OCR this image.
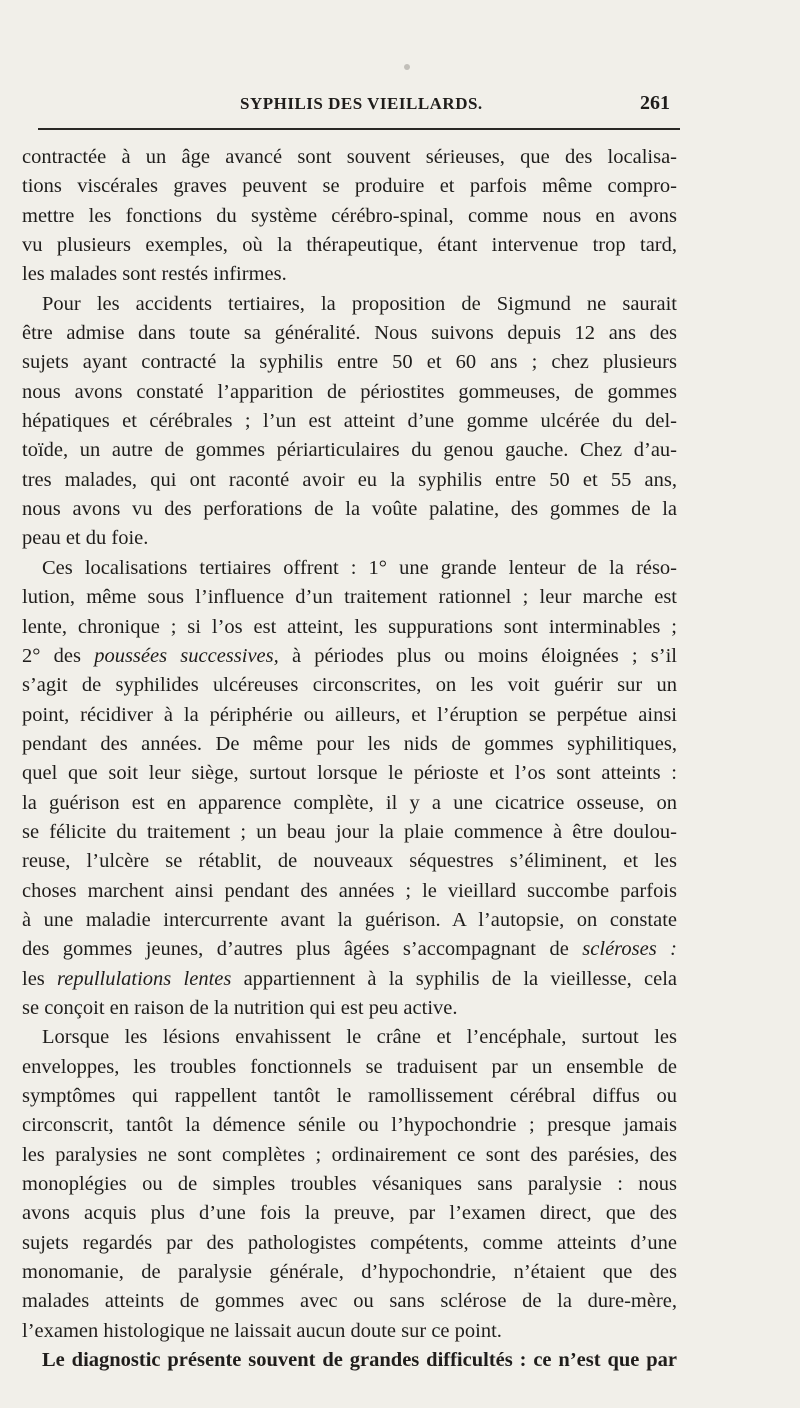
SYPHILIS DES VIEILLARDS.	261
contractée à un âge avancé sont souvent sérieuses, que des localisa-
tions viscérales graves peuvent se produire et parfois même compro-
mettre les fonctions du système cérébro-spinal, comme nous en avons
vu plusieurs exemples, où la thérapeutique, étant intervenue trop tard,
les malades sont restés infirmes.
Pour les accidents tertiaires, la proposition de Sigmund ne saurait
être admise dans toute sa généralité. Nous suivons depuis 12 ans des
sujets ayant contracté la syphilis entre 50 et 60 ans ; chez plusieurs
nous avons constaté l’apparition de périostites gommeuses, de gommes
hépatiques et cérébrales ; l’un est atteint d’une gomme ulcérée du del-
toïde, un autre de gommes périarticulaires du genou gauche. Chez d’au-
tres malades, qui ont raconté avoir eu la syphilis entre 50 et 55 ans,
nous avons vu des perforations de la voûte palatine, des gommes de la
peau et du foie.
Ces localisations tertiaires offrent : 1° une grande lenteur de la réso-
lution, même sous l’influence d’un traitement rationnel ; leur marche est
lente, chronique ; si l’os est atteint, les suppurations sont interminables ;
2° des poussées successives, à périodes plus ou moins éloignées ; s’il
s’agit de syphilides ulcéreuses circonscrites, on les voit guérir sur un
point, récidiver à la périphérie ou ailleurs, et l’éruption se perpétue ainsi
pendant des années. De même pour les nids de gommes syphilitiques,
quel que soit leur siège, surtout lorsque le périoste et l’os sont atteints :
la guérison est en apparence complète, il y a une cicatrice osseuse, on
se félicite du traitement ; un beau jour la plaie commence à être doulou-
reuse, l’ulcère se rétablit, de nouveaux séquestres s’éliminent, et les
choses marchent ainsi pendant des années ; le vieillard succombe parfois
à une maladie intercurrente avant la guérison. A l’autopsie, on constate
des gommes jeunes, d’autres plus âgées s’accompagnant de scléroses :
les repullulations lentes appartiennent à la syphilis de la vieillesse, cela
se conçoit en raison de la nutrition qui est peu active.
Lorsque les lésions envahissent le crâne et l’encéphale, surtout les
enveloppes, les troubles fonctionnels se traduisent par un ensemble de
symptômes qui rappellent tantôt le ramollissement cérébral diffus ou
circonscrit, tantôt la démence sénile ou l’hypochondrie ; presque jamais
les paralysies ne sont complètes ; ordinairement ce sont des parésies, des
monoplégies ou de simples troubles vésaniques sans paralysie : nous
avons acquis plus d’une fois la preuve, par l’examen direct, que des
sujets regardés par des pathologistes compétents, comme atteints d’une
monomanie, de paralysie générale, d’hypochondrie, n’étaient que des
malades atteints de gommes avec ou sans sclérose de la dure-mère,
l’examen histologique ne laissait aucun doute sur ce point.
Le diagnostic présente souvent de grandes difficultés : ce n’est que par
